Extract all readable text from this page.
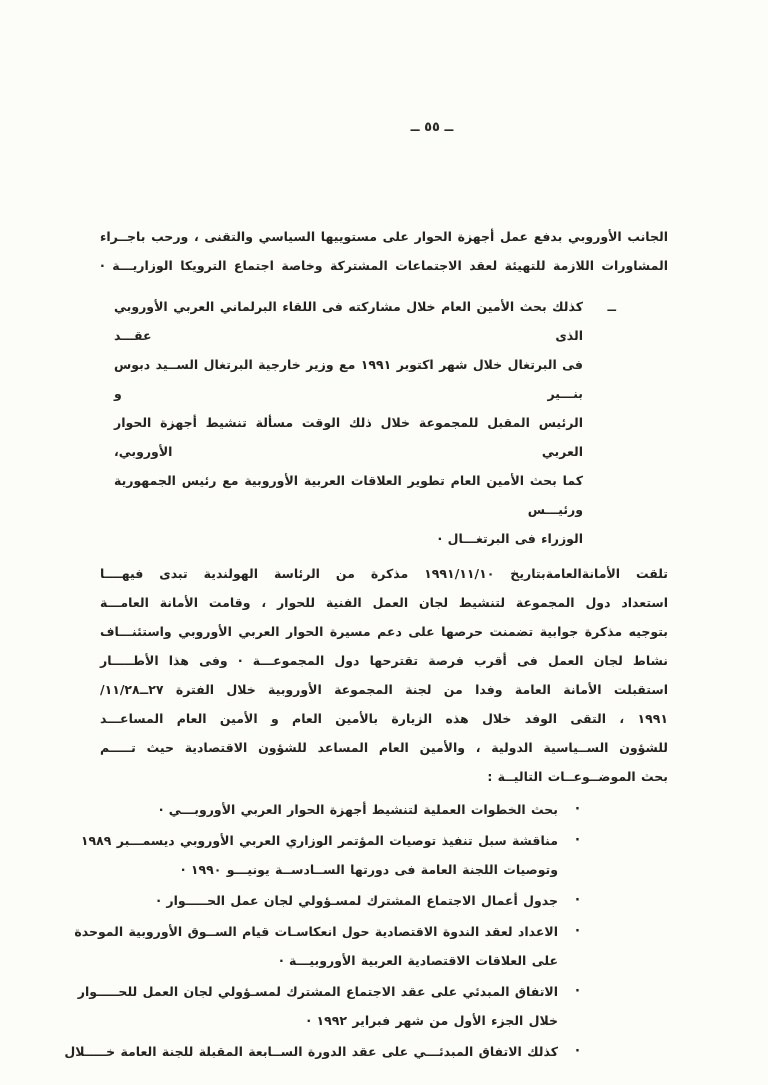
ــ ٥٥ ــ
الجانب الأوروبي بدفع عمل أجهزة الحوار على مستوييها السياسي والتقنى ، ورحب باجــراء
المشاورات اللازمة للتهيئة لعقد الاجتماعات المشتركة وخاصة اجتماع الترويكا الوزاريـــة ·
ــ
كذلك بحث الأمين العام خلال مشاركته فى اللقاء البرلماني العربي الأوروبي الذى عقـــد
فى البرتغال خلال شهر اكتوبر ١٩٩١ مع وزير خارجية البرتغال الســيد دبوس بنـــير و
الرئيس المقبل للمجموعة خلال ذلك الوقت مسألة تنشيط أجهزة الحوار العربي الأوروبي،
كما بحث الأمين العام تطوير العلاقات العربية الأوروبية مع رئيس الجمهورية ورئيـــس
الوزراء فى البرتغـــال ·
تلقت الأمانةالعامةبتاريخ ١٠‏/١١‏/١٩٩١ مذكرة من الرئاسة الهولندية تبدى فيهــــا
استعداد دول المجموعة لتنشيط لجان العمل الفنية للحوار ، وقامت الأمانة العامـــة
بتوجيه مذكرة جوابية تضمنت حرصها على دعم مسيرة الحوار العربي الأوروبي واستئنـــاف
نشاط لجان العمل فى أقرب فرصة تقترحها دول المجموعـــة · وفى هذا الأطـــــار
استقبلت الأمانة العامة وفدا من لجنة المجموعة الأوروبية خلال الفترة ٢٧ــ٢٨‏/١١‏/
١٩٩١ ، التقى الوفد خلال هذه الزيارة بالأمين العام و الأمين العام المساعـــد
للشؤون الســياسية الدولية ، والأمين العام المساعد للشؤون الاقتصادية حيث تـــــم
بحث الموضــوعــات التاليــة :
·
بحث الخطوات العملية لتنشيط أجهزة الحوار العربي الأوروبـــي ·
·
مناقشة سبل تنفيذ توصيات المؤتمر الوزاري العربي الأوروبي ديسمـــبر ١٩٨٩
وتوصيات اللجنة العامة فى دورتها الســادســة يونيـــو ١٩٩٠ ·
·
جدول أعمال الاجتماع المشترك لمسـؤولي لجان عمل الحـــــوار ·
·
الاعداد لعقد الندوة الاقتصادية حول انعكاسـات قيام الســوق الأوروبية الموحدة
على العلاقات الاقتصادية العربية الأوروبيـــة ·
·
الاتفاق المبدئي على عقد الاجتماع المشترك لمسـؤولي لجان العمل للحـــــوار
خلال الجزء الأول من شهر فبراير ١٩٩٢ ·
·
كذلك الاتفاق المبدئـــي على عقد الدورة الســابعة المقبلة للجنة العامة خـــــلال
